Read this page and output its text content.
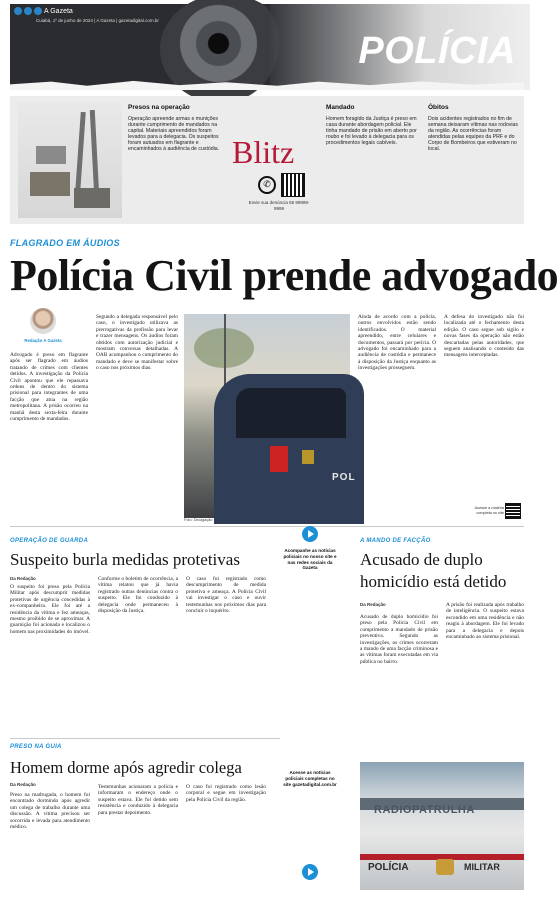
A Gazeta
Cuiabá, 1º de junho de 2024 | A Gazeta | gazetadigital.com.br
5A
POLÍCIA
Presos na operação
Operação apreende armas e munições durante cumprimento de mandados na capital. Materiais apreendidos foram levados para a delegacia. Os suspeitos foram autuados em flagrante e encaminhados à audiência de custódia. Blitz
✆
Envie sua denúncia 65 99999-9999
Mandado
Homem foragido da Justiça é preso em casa durante abordagem policial. Ele tinha mandado de prisão em aberto por roubo e foi levado à delegacia para os procedimentos legais cabíveis.
Óbitos
Dois acidentes registrados no fim de semana deixaram vítimas nas rodovias da região. As ocorrências foram atendidas pelas equipes da PRF e do Corpo de Bombeiros que estiveram no local.
FLAGRADO EM ÁUDIOS
Polícia Civil prende advogado
Redação A Gazeta
Advogado é preso em flagrante após ser flagrado em áudios tratando de crimes com clientes detidos. A investigação da Polícia Civil apontou que ele repassava ordens de dentro do sistema prisional para integrantes de uma facção que atua na região metropolitana. A prisão ocorreu na manhã desta sexta-feira durante cumprimento de mandados.
Segundo a delegada responsável pelo caso, o investigado utilizava as prerrogativas da profissão para levar e trazer mensagens. Os áudios foram obtidos com autorização judicial e mostram conversas detalhadas. A OAB acompanhou o cumprimento do mandado e deve se manifestar sobre o caso nos próximos dias.
POL
Foto: Divulgação
Ainda de acordo com a polícia, outros envolvidos estão sendo identificados. O material apreendido, entre celulares e documentos, passará por perícia. O advogado foi encaminhado para a audiência de custódia e permanece à disposição da Justiça enquanto as investigações prosseguem.
A defesa do investigado não foi localizada até o fechamento desta edição. O caso segue sob sigilo e novas fases da operação não estão descartadas pelas autoridades, que seguem analisando o conteúdo das mensagens interceptadas.
Acesse a matéria completa no site
OPERAÇÃO DE GUARDA
Suspeito burla medidas protetivas
Da Redação
O suspeito foi preso pela Polícia Militar após descumprir medidas protetivas de urgência concedidas à ex-companheira. Ele foi até a residência da vítima e fez ameaças, mesmo proibido de se aproximar. A guarnição foi acionada e localizou o homem nas proximidades do imóvel.
Conforme o boletim de ocorrência, a vítima relatou que já havia registrado outras denúncias contra o suspeito. Ele foi conduzido à delegacia onde permaneceu à disposição da Justiça.
O caso foi registrado como descumprimento de medida protetiva e ameaça. A Polícia Civil vai investigar o caso e ouvir testemunhas nos próximos dias para concluir o inquérito.
Acompanhe as notícias policiais no nosso site e nas redes sociais da Gazeta
A MANDO DE FACÇÃO
Acusado de duplo
homicídio está detido
Da Redação
Acusado de duplo homicídio foi preso pela Polícia Civil em cumprimento a mandado de prisão preventiva. Segundo as investigações, os crimes ocorreram a mando de uma facção criminosa e as vítimas foram executadas em via pública no bairro.
A prisão foi realizada após trabalho de inteligência. O suspeito estava escondido em uma residência e não reagiu à abordagem. Ele foi levado para a delegacia e depois encaminhado ao sistema prisional.
PRESO NA GUIA
Homem dorme após agredir colega
Da Redação
Preso na madrugada, o homem foi encontrado dormindo após agredir um colega de trabalho durante uma discussão. A vítima precisou ser socorrida e levada para atendimento médico.
Testemunhas acionaram a polícia e informaram o endereço onde o suspeito estava. Ele foi detido sem resistência e conduzido à delegacia para prestar depoimento.
O caso foi registrado como lesão corporal e segue em investigação pela Polícia Civil da região.
Acesse as notícias policiais completas no site gazetadigital.com.br
RADIOPATRULHA
POLÍCIA	MILITAR
